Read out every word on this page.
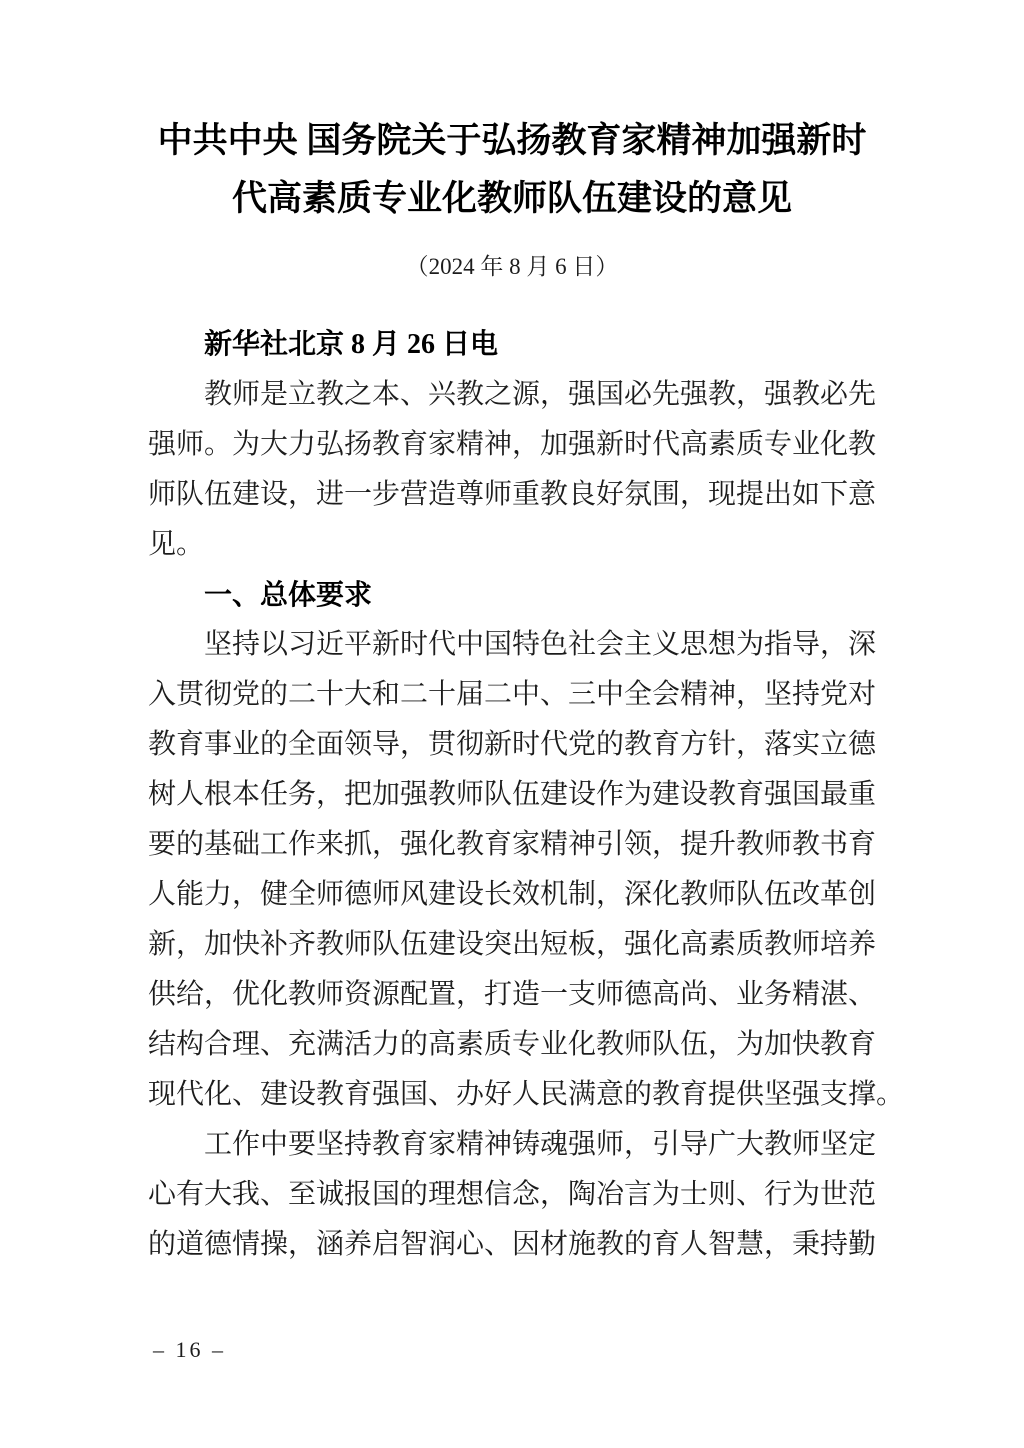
中共中央 国务院关于弘扬教育家精神加强新时
代高素质专业化教师队伍建设的意见
（2024 年 8 月 6 日）
新华社北京 8 月 26 日电
教师是立教之本、兴教之源，强国必先强教，强教必先
强师。为大力弘扬教育家精神，加强新时代高素质专业化教
师队伍建设，进一步营造尊师重教良好氛围，现提出如下意
见。
一、总体要求
坚持以习近平新时代中国特色社会主义思想为指导，深
入贯彻党的二十大和二十届二中、三中全会精神，坚持党对
教育事业的全面领导，贯彻新时代党的教育方针，落实立德
树人根本任务，把加强教师队伍建设作为建设教育强国最重
要的基础工作来抓，强化教育家精神引领，提升教师教书育
人能力，健全师德师风建设长效机制，深化教师队伍改革创
新，加快补齐教师队伍建设突出短板，强化高素质教师培养
供给，优化教师资源配置，打造一支师德高尚、业务精湛、
结构合理、充满活力的高素质专业化教师队伍，为加快教育
现代化、建设教育强国、办好人民满意的教育提供坚强支撑。
工作中要坚持教育家精神铸魂强师，引导广大教师坚定
心有大我、至诚报国的理想信念，陶冶言为士则、行为世范
的道德情操，涵养启智润心、因材施教的育人智慧，秉持勤
– 16 –
